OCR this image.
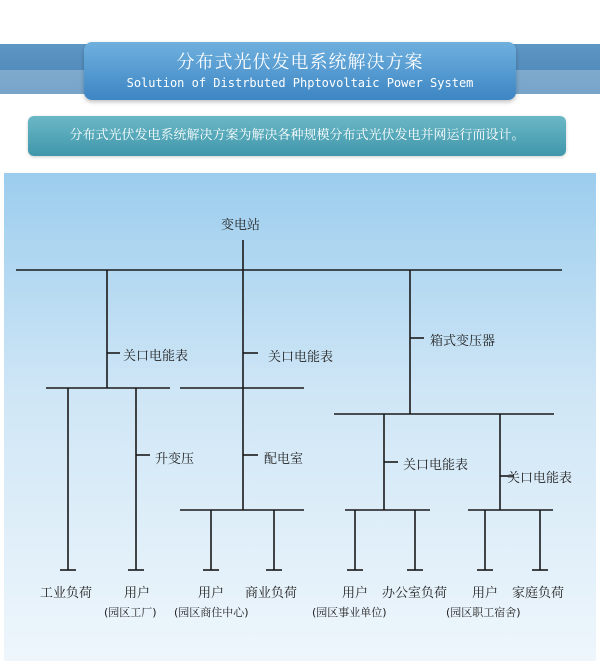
分布式光伏发电系统解决方案
Solution of Distrbuted Phptovoltaic Power System
分布式光伏发电系统解决方案为解决各种规模分布式光伏发电并网运行而设计。
变电站
关口电能表	关口电能表
箱式变压器
升变压	配电室	关口电能表
关口电能表
工业负荷 用户	用户 商业负荷	用户 办公室负荷 用户 家庭负荷
(园区工厂) (园区商住中心)	(园区事业单位)	(园区职工宿舍)
